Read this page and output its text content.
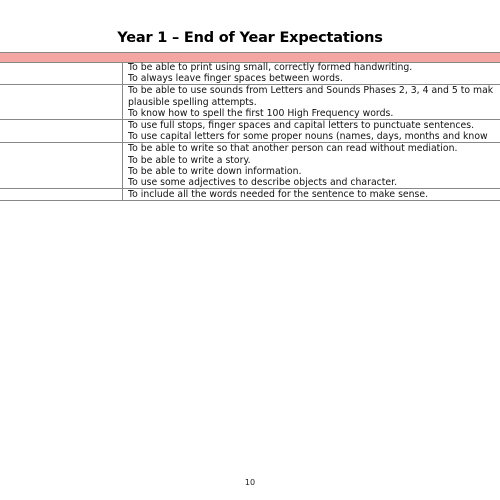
Year 1 – End of Year Expectations
To be able to print using small, correctly formed handwriting.
To always leave finger spaces between words.
To be able to use sounds from Letters and Sounds Phases 2, 3, 4 and 5 to mak
plausible spelling attempts.
To know how to spell the first 100 High Frequency words.
To use full stops, finger spaces and capital letters to punctuate sentences.
To use capital letters for some proper nouns (names, days, months and know
To be able to write so that another person can read without mediation.
To be able to write a story.
To be able to write down information.
To use some adjectives to describe objects and character.
To include all the words needed for the sentence to make sense.
10
